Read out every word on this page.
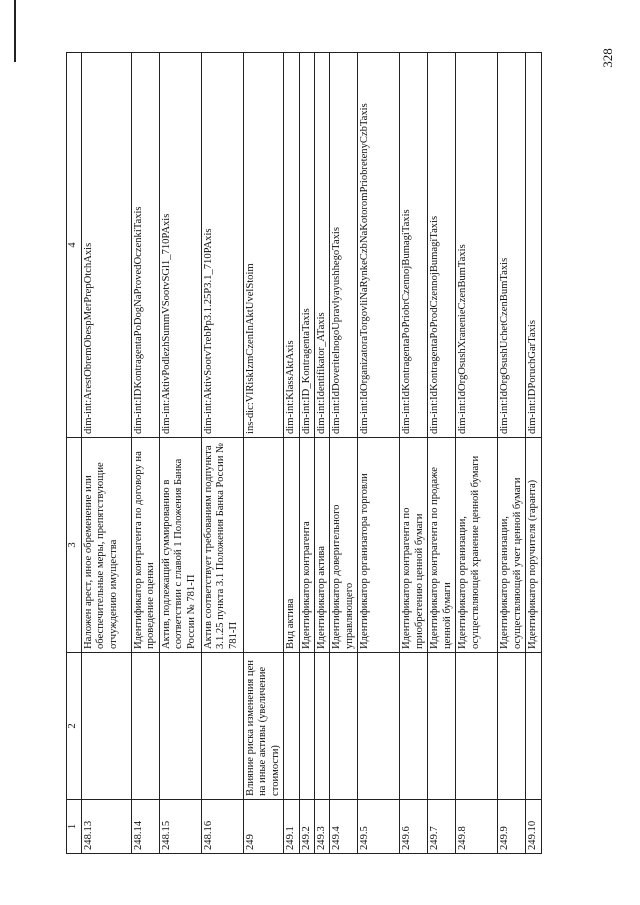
328
1	2	3	4
248.13		Наложен арест, иное обременение или обеспечительные меры, препятствующие отчуждению имущества	dim-int:ArestObremObespMerPrepOtchAxis
248.14		Идентификатор контрагента по договору на проведение оценки	dim-int:IDKontragentaPoDogNaProvedOczenkiTaxis
248.15		Актив, подлежащий суммированию в соответствии с главой 1 Положения Банка России № 781-П	dim-int:AktivPodlezhSummVSootvSGl1_710PAxis
248.16		Актив соответствует требованиям подпункта 3.1.25 пункта 3.1 Положения Банка России № 781-П	dim-int:AktivSootvTrebPp3.1.25P3.1_710PAxis
249	Влияние риска изменения цен на иные активы (увеличение стоимости)		ins-dic:VlRiskIzmCzenInAktUvelStoim
249.1		Вид актива	dim-int:KlassAktAxis
249.2		Идентификатор контрагента	dim-int:ID_KontragentaTaxis
249.3		Идентификатор актива	dim-int:Identifikator_ATaxis
249.4		Идентификатор доверительного управляющего	dim-int:IdDoveritelnogoUpravlyayushhegoTaxis
249.5		Идентификатор организатора торговли	dim-int:IdOrganizatoraTorgovliNaRynkeCzbNaKotoromPriobretenyCzbTaxis
249.6		Идентификатор контрагента по приобретению ценной бумаги	dim-int:IdKontragentaPoPriobrCzennojBumagiTaxis
249.7		Идентификатор контрагента по продаже ценной бумаги	dim-int:IdKontragentaPoProdCzennojBumagiTaxis
249.8		Идентификатор организации, осуществляющей хранение ценной бумаги	dim-int:IdOrgOsushXranenieCzenBumTaxis
249.9		Идентификатор организации, осуществляющей учет ценной бумаги	dim-int:IdOrgOsushUchetCzenBumTaxis
249.10		Идентификатор поручителя (гаранта)	dim-int:IDPoruchGarTaxis
